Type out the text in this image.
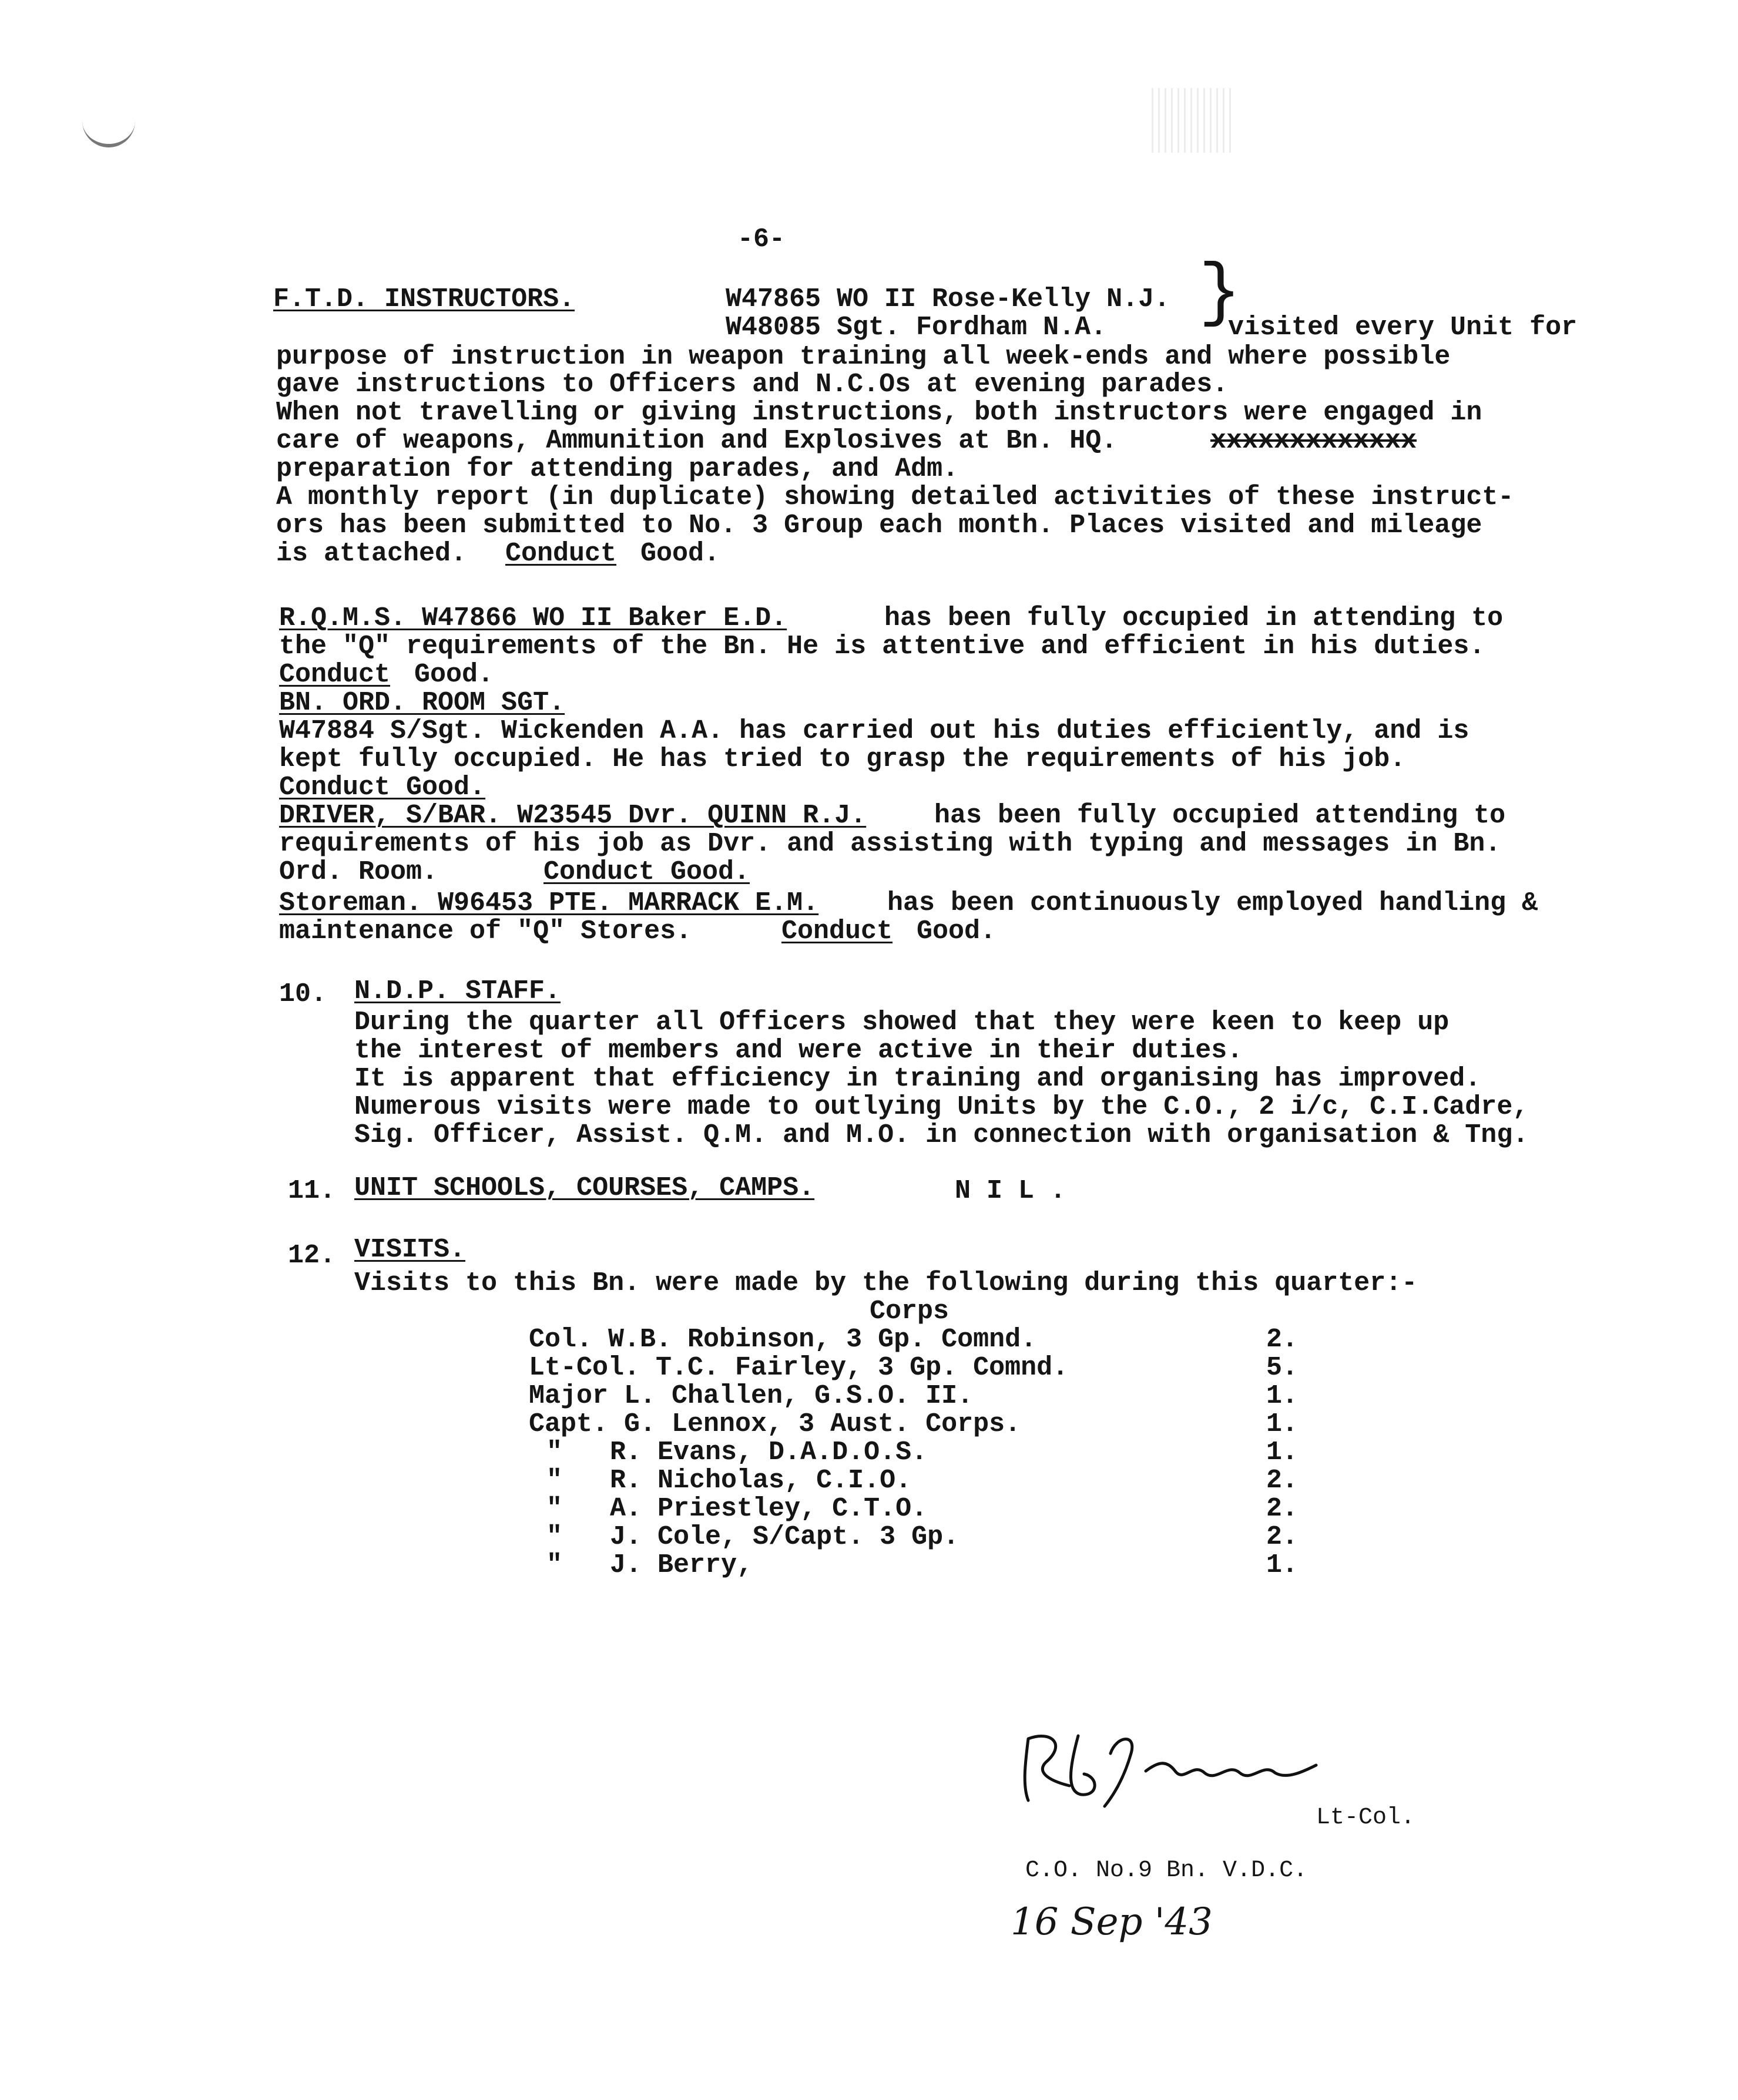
-6-
F.T.D. INSTRUCTORS.	W47865 WO II Rose-Kelly N.J.
W48085 Sgt. Fordham N.A. }
visited every Unit for
purpose of instruction in weapon training all week-ends and where possible
gave instructions to Officers and N.C.Os at evening parades.
When not travelling or giving instructions, both instructors were engaged in
care of weapons, Ammunition and Explosives at Bn. HQ.	xxxxxxxxxxxxx
preparation for attending parades, and Adm.
A monthly report (in duplicate) showing detailed activities of these instruct-
ors has been submitted to No. 3 Group each month. Places visited and mileage
is attached. Conduct Good.
R.Q.M.S. W47866 WO II Baker E.D.	has been fully occupied in attending to
the "Q" requirements of the Bn. He is attentive and efficient in his duties.
Conduct Good.
BN. ORD. ROOM SGT.
W47884 S/Sgt. Wickenden A.A. has carried out his duties efficiently, and is
kept fully occupied. He has tried to grasp the requirements of his job.
Conduct Good.
DRIVER, S/BAR. W23545 Dvr. QUINN R.J.	has been fully occupied attending to
requirements of his job as Dvr. and assisting with typing and messages in Bn.
Ord. Room.	Conduct Good.
Storeman. W96453 PTE. MARRACK E.M.	has been continuously employed handling &
maintenance of "Q" Stores.	Conduct Good.
10. N.D.P. STAFF.
During the quarter all Officers showed that they were keen to keep up
the interest of members and were active in their duties.
It is apparent that efficiency in training and organising has improved.
Numerous visits were made to outlying Units by the C.O., 2 i/c, C.I.Cadre,
Sig. Officer, Assist. Q.M. and M.O. in connection with organisation & Tng.
11. UNIT SCHOOLS, COURSES, CAMPS.	N I L .
12. VISITS.
Visits to this Bn. were made by the following during this quarter:-
Corps
Col. W.B. Robinson, 3 Gp. Comnd.	2.
Lt-Col. T.C. Fairley, 3 Gp. Comnd.	5.
Major L. Challen, G.S.O. II.	1.
Capt. G. Lennox, 3 Aust. Corps.	1.
"   R. Evans, D.A.D.O.S.	1.
"   R. Nicholas, C.I.O.	2.
"   A. Priestley, C.T.O.	2.
"   J. Cole, S/Capt. 3 Gp.	2.
"   J. Berry,	1.
Lt-Col.
C.O. No.9 Bn. V.D.C.
16 Sep '43
